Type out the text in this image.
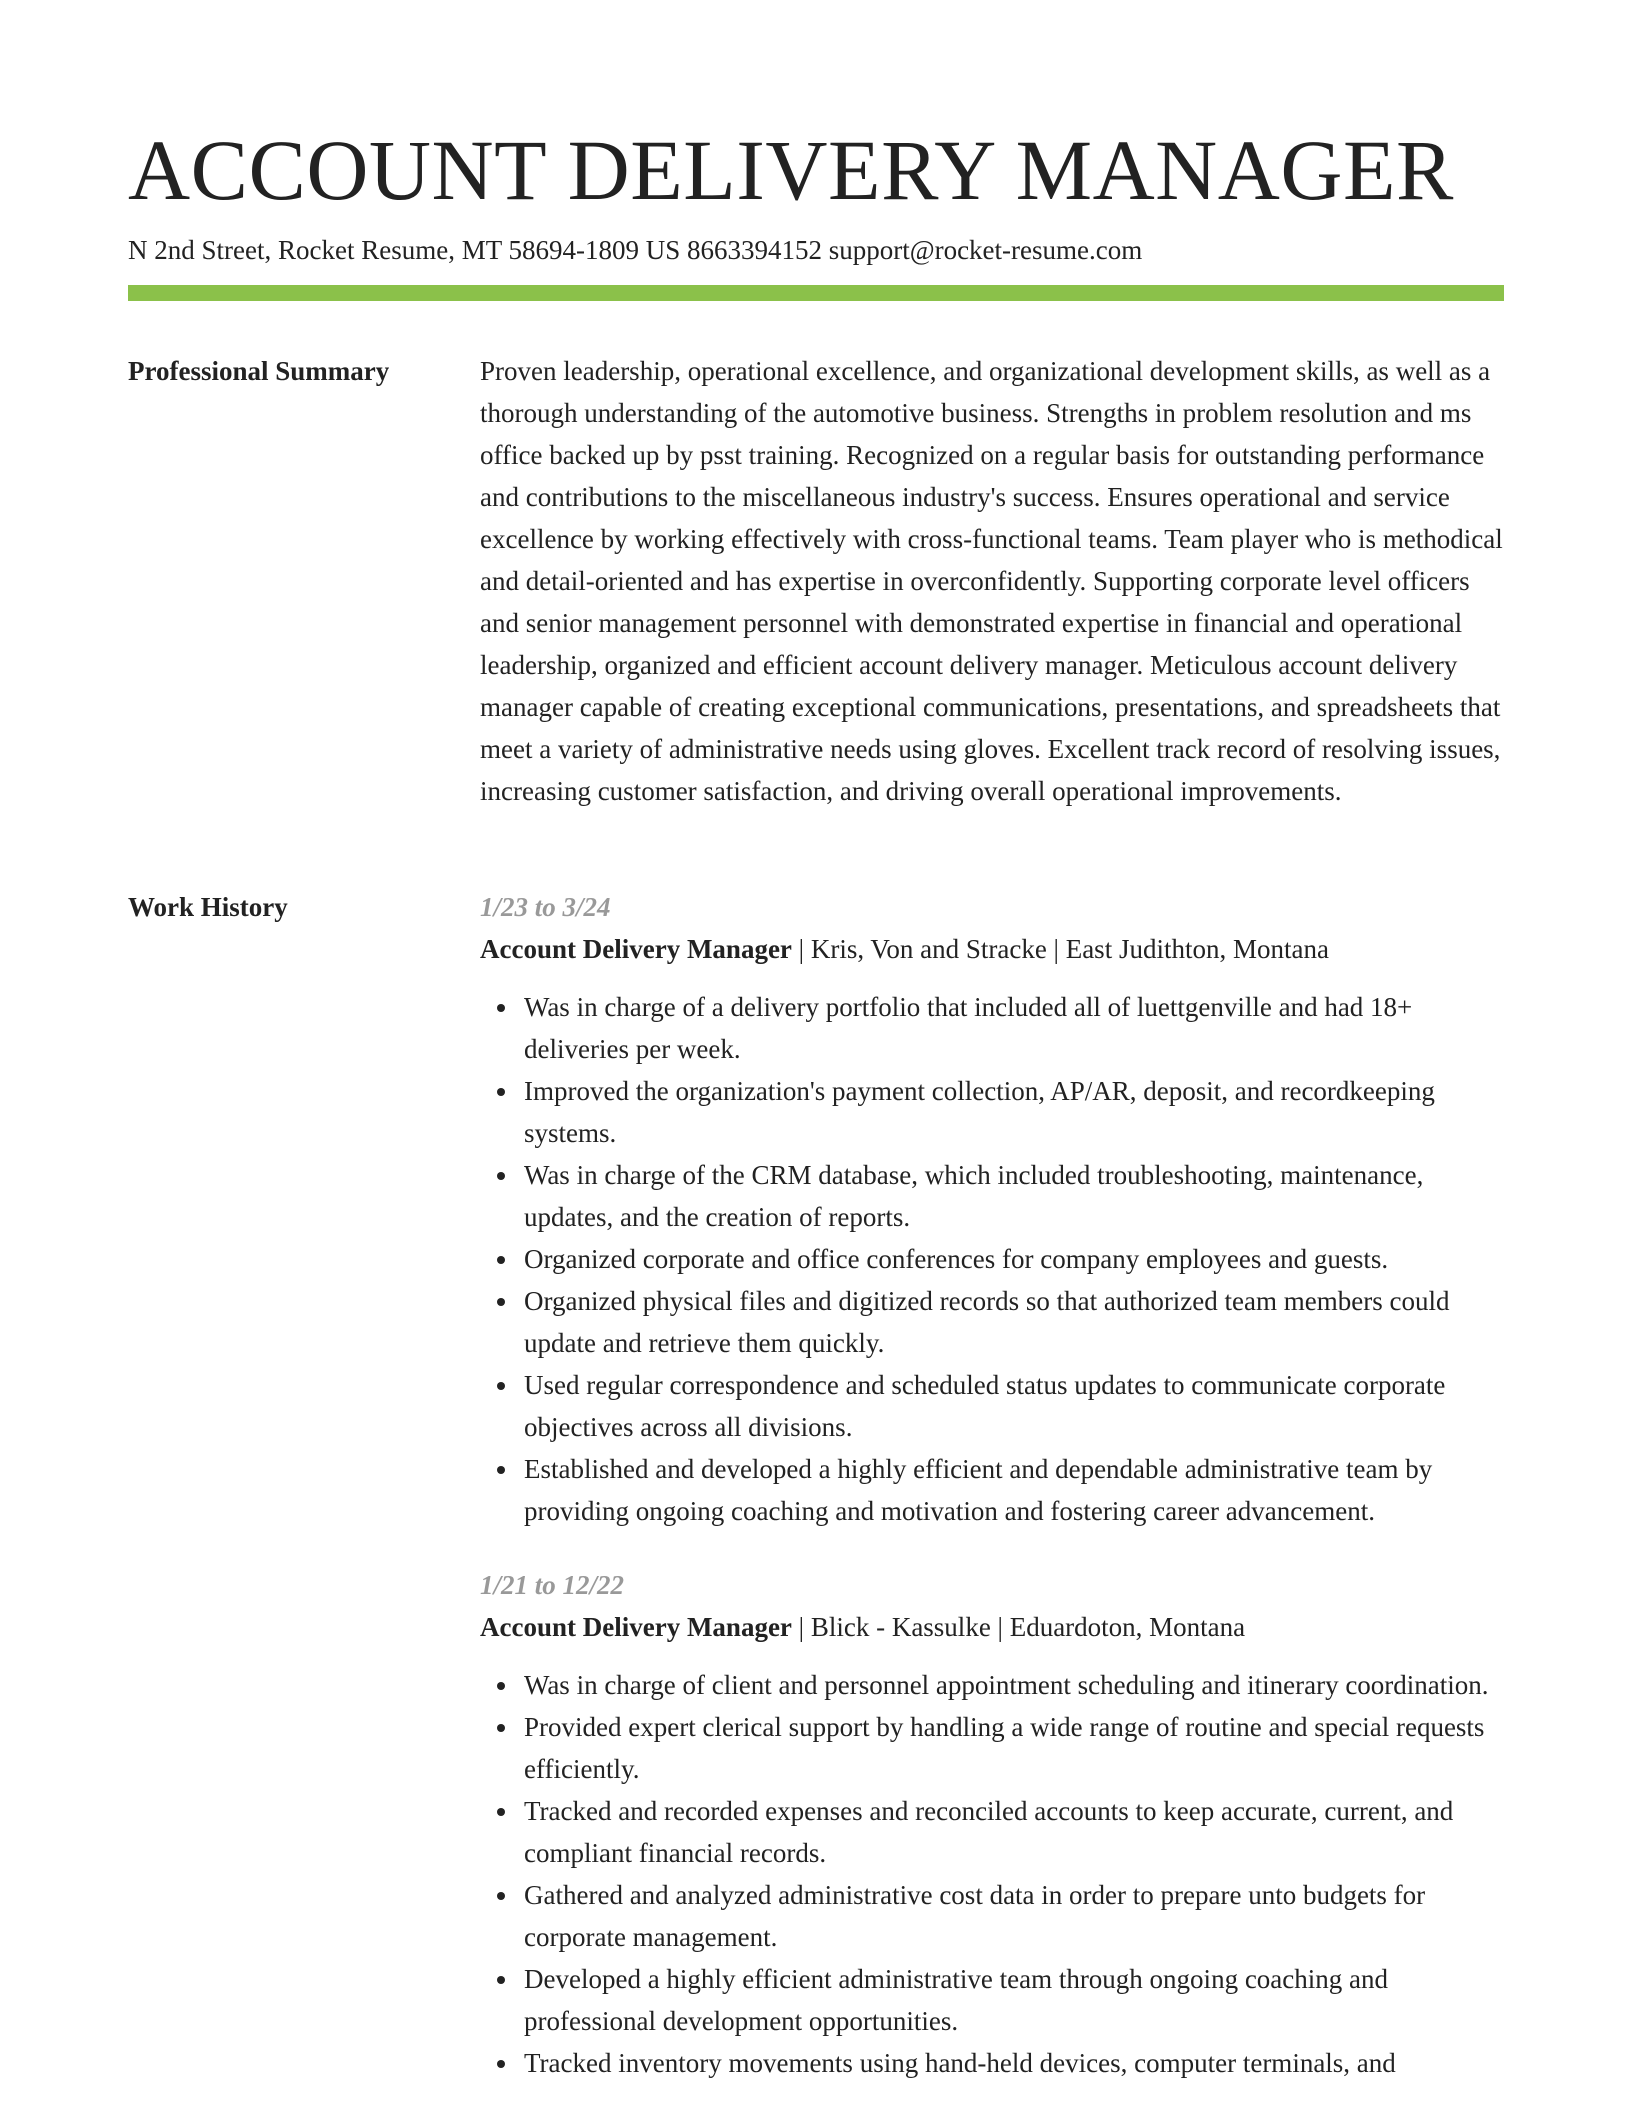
ACCOUNT DELIVERY MANAGER
N 2nd Street, Rocket Resume, MT 58694-1809 US 8663394152 support@rocket-resume.com
Professional Summary	Proven leadership, operational excellence, and organizational development skills, as well as a thorough understanding of the automotive business. Strengths in problem resolution and ms office backed up by psst training. Recognized on a regular basis for outstanding performance and contributions to the miscellaneous industry's success. Ensures operational and service excellence by working effectively with cross-functional teams. Team player who is methodical and detail-oriented and has expertise in overconfidently. Supporting corporate level officers and senior management personnel with demonstrated expertise in financial and operational leadership, organized and efficient account delivery manager. Meticulous account delivery manager capable of creating exceptional communications, presentations, and spreadsheets that meet a variety of administrative needs using gloves. Excellent track record of resolving issues, increasing customer satisfaction, and driving overall operational improvements.

Work History	1/23 to 3/24

Account Delivery Manager | Kris, Von and Stracke | East Judithton, Montana

Was in charge of a delivery portfolio that included all of luettgenville and had 18+ deliveries per week.
Improved the organization's payment collection, AP/AR, deposit, and recordkeeping systems.
Was in charge of the CRM database, which included troubleshooting, maintenance, updates, and the creation of reports.
Organized corporate and office conferences for company employees and guests.
Organized physical files and digitized records so that authorized team members could update and retrieve them quickly.
Used regular correspondence and scheduled status updates to communicate corporate objectives across all divisions.
Established and developed a highly efficient and dependable administrative team by providing ongoing coaching and motivation and fostering career advancement.

1/21 to 12/22

Account Delivery Manager | Blick - Kassulke | Eduardoton, Montana

Was in charge of client and personnel appointment scheduling and itinerary coordination.
Provided expert clerical support by handling a wide range of routine and special requests efficiently.
Tracked and recorded expenses and reconciled accounts to keep accurate, current, and compliant financial records.
Gathered and analyzed administrative cost data in order to prepare unto budgets for corporate management.
Developed a highly efficient administrative team through ongoing coaching and professional development opportunities.
Tracked inventory movements using hand-held devices, computer terminals, and
